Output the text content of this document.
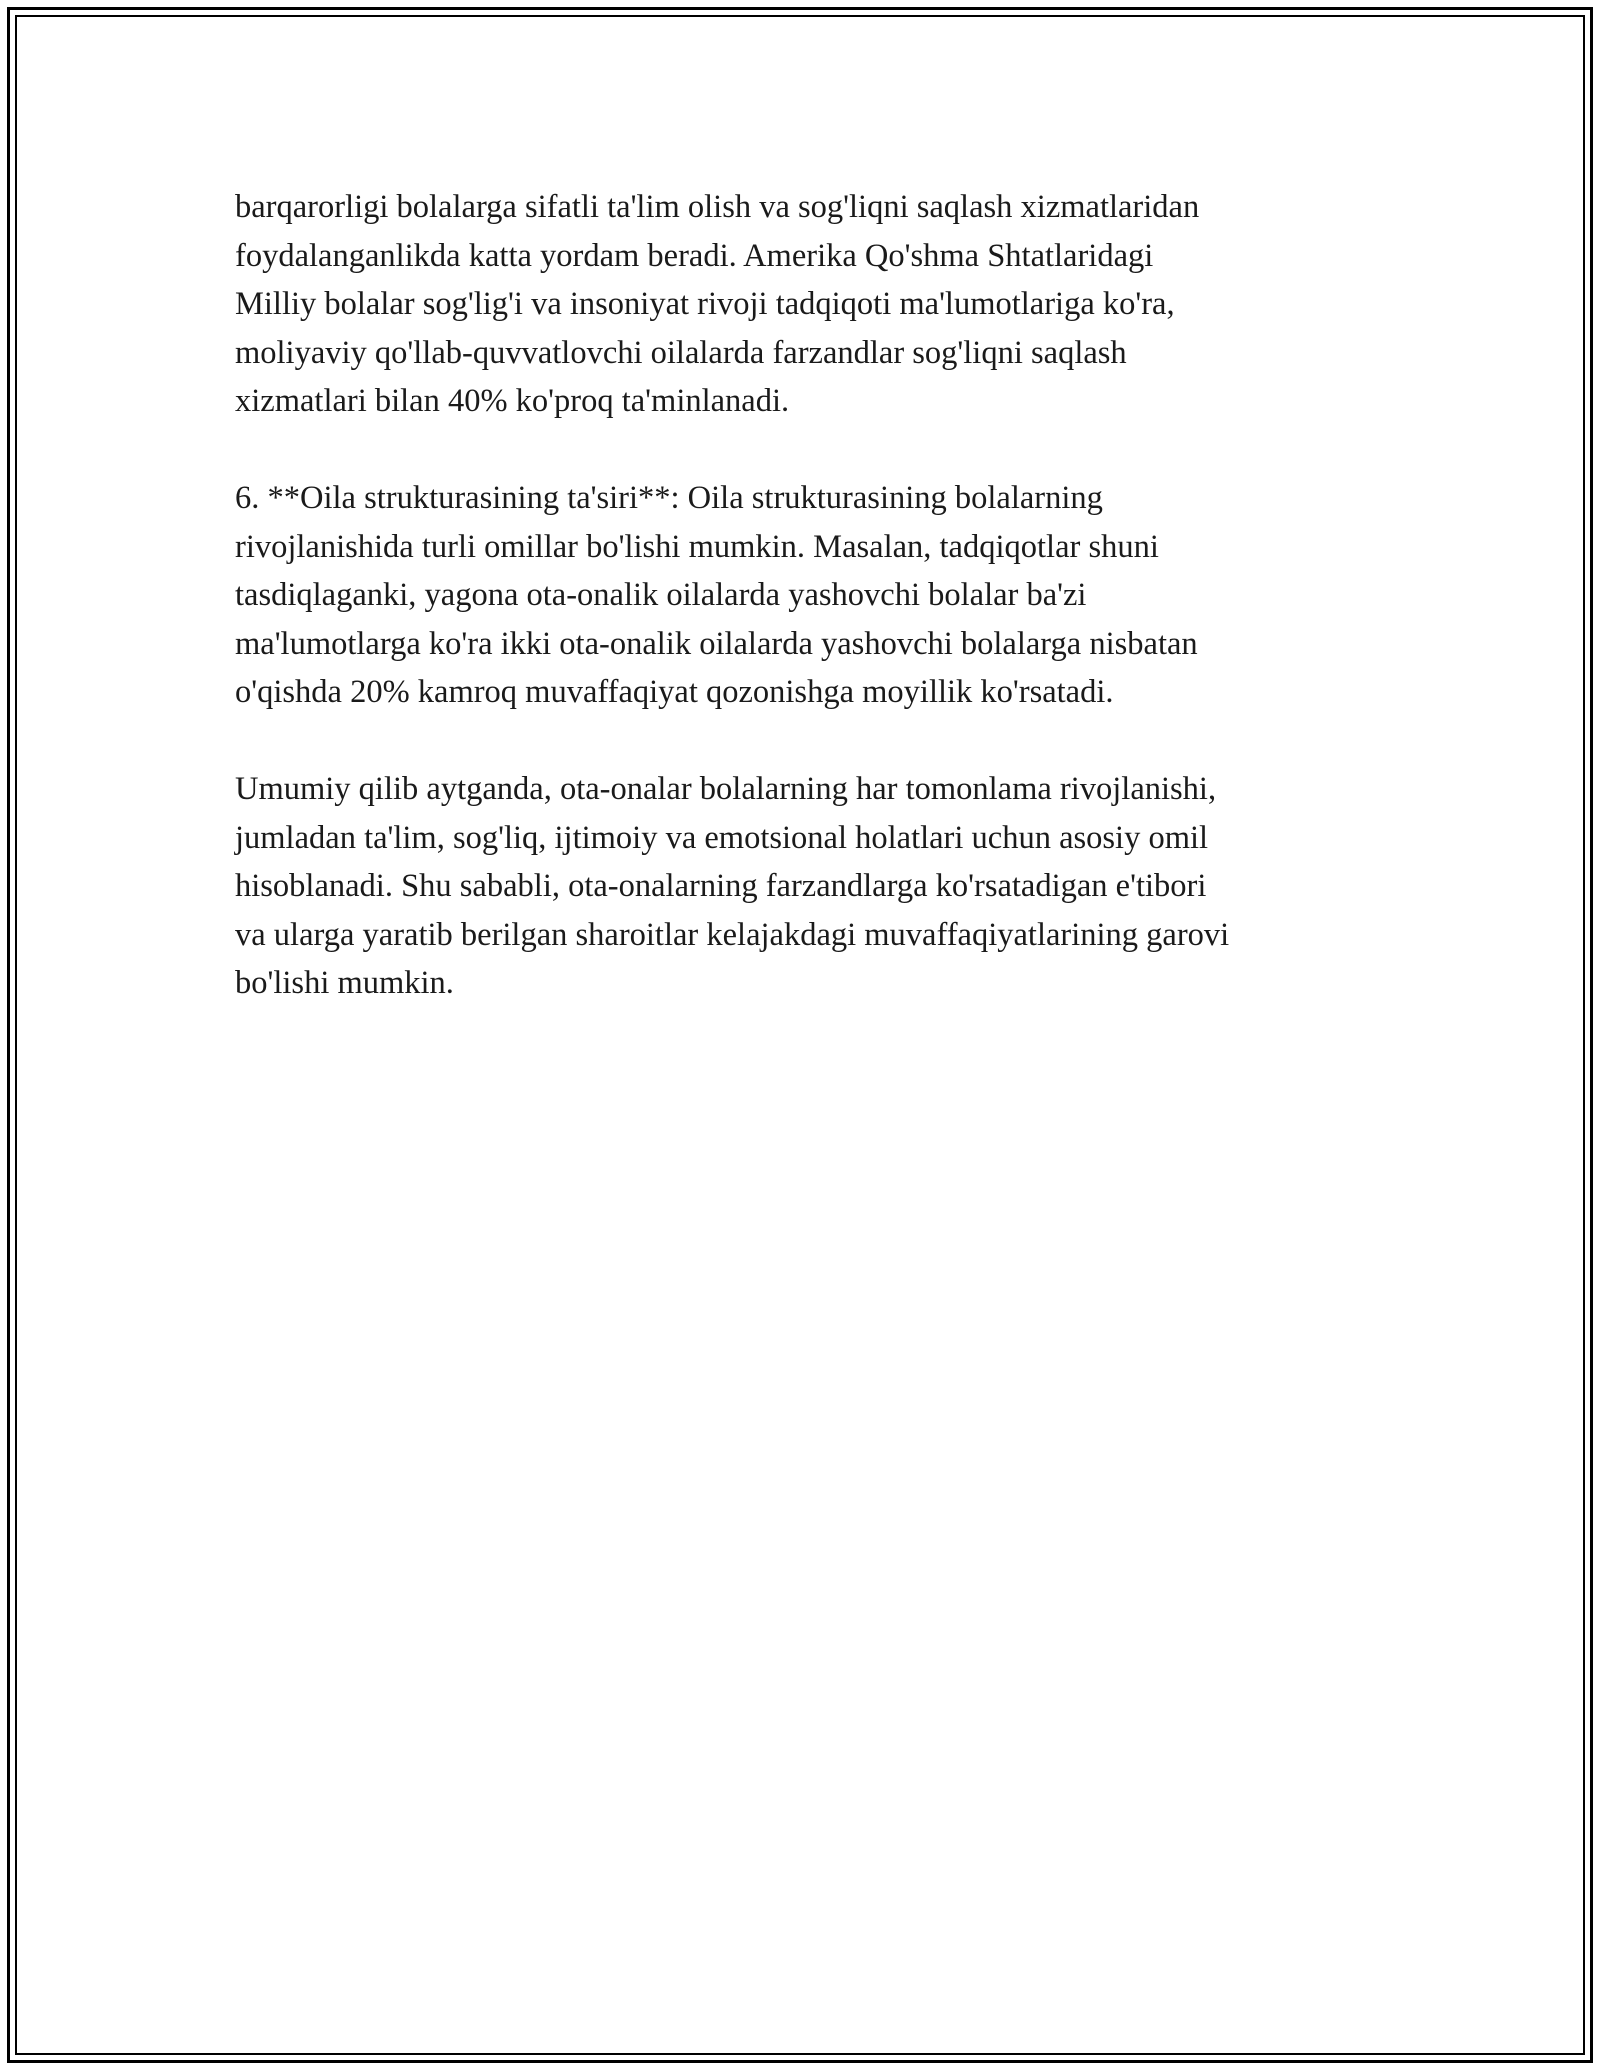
barqarorligi bolalarga sifatli ta'lim olish va sog'liqni saqlash xizmatlaridan
foydalanganlikda katta yordam beradi. Amerika Qo'shma Shtatlaridagi
Milliy bolalar sog'lig'i va insoniyat rivoji tadqiqoti ma'lumotlariga ko'ra,
moliyaviy qo'llab-quvvatlovchi oilalarda farzandlar sog'liqni saqlash
xizmatlari bilan 40% ko'proq ta'minlanadi.

6. **Oila strukturasining ta'siri**: Oila strukturasining bolalarning
rivojlanishida turli omillar bo'lishi mumkin. Masalan, tadqiqotlar shuni
tasdiqlaganki, yagona ota-onalik oilalarda yashovchi bolalar ba'zi
ma'lumotlarga ko'ra ikki ota-onalik oilalarda yashovchi bolalarga nisbatan
o'qishda 20% kamroq muvaffaqiyat qozonishga moyillik ko'rsatadi.

Umumiy qilib aytganda, ota-onalar bolalarning har tomonlama rivojlanishi,
jumladan ta'lim, sog'liq, ijtimoiy va emotsional holatlari uchun asosiy omil
hisoblanadi. Shu sababli, ota-onalarning farzandlarga ko'rsatadigan e'tibori
va ularga yaratib berilgan sharoitlar kelajakdagi muvaffaqiyatlarining garovi
bo'lishi mumkin.
